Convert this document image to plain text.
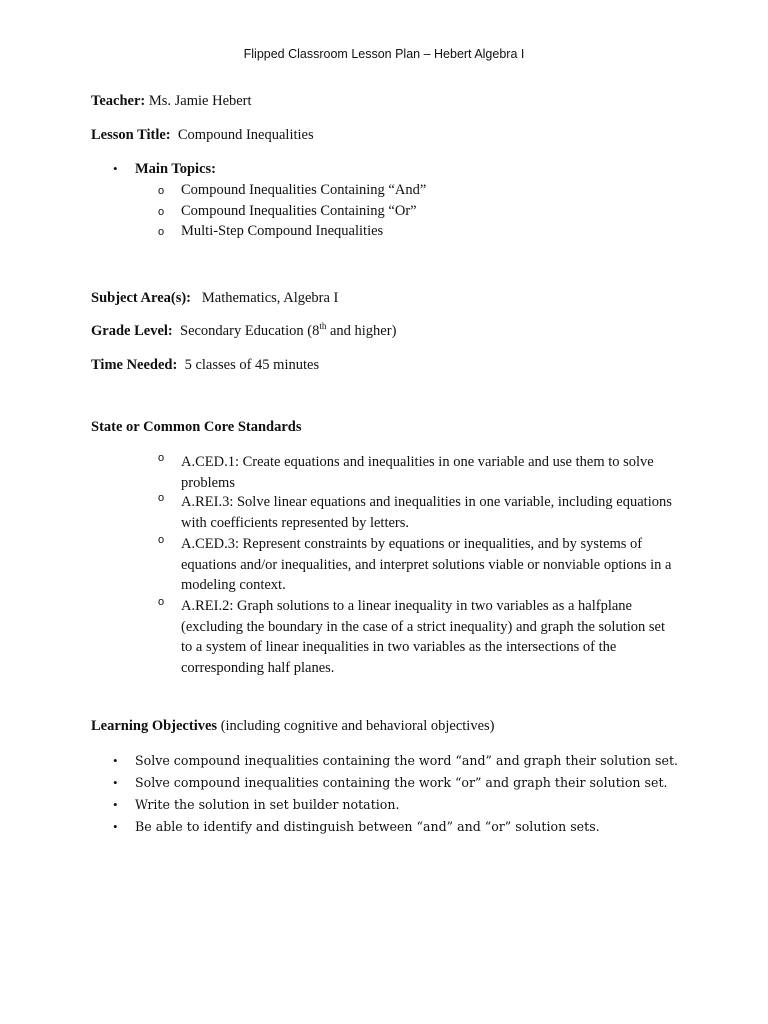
Flipped Classroom Lesson Plan – Hebert Algebra I
Teacher: Ms. Jamie Hebert
Lesson Title: Compound Inequalities
• Main Topics:
o Compound Inequalities Containing “And”
o Compound Inequalities Containing “Or”
o Multi-Step Compound Inequalities
Subject Area(s): Mathematics, Algebra I
Grade Level: Secondary Education (8th and higher)
Time Needed: 5 classes of 45 minutes
State or Common Core Standards
o A.CED.1: Create equations and inequalities in one variable and use them to solve problems
o A.REI.3: Solve linear equations and inequalities in one variable, including equations with coefficients represented by letters.
o A.CED.3: Represent constraints by equations or inequalities, and by systems of equations and/or inequalities, and interpret solutions viable or nonviable options in a modeling context.
o A.REI.2: Graph solutions to a linear inequality in two variables as a halfplane (excluding the boundary in the case of a strict inequality) and graph the solution set to a system of linear inequalities in two variables as the intersections of the corresponding half planes.
Learning Objectives (including cognitive and behavioral objectives)
• Solve compound inequalities containing the word “and” and graph their solution set.
• Solve compound inequalities containing the work “or” and graph their solution set.
• Write the solution in set builder notation.
• Be able to identify and distinguish between “and” and “or” solution sets.
